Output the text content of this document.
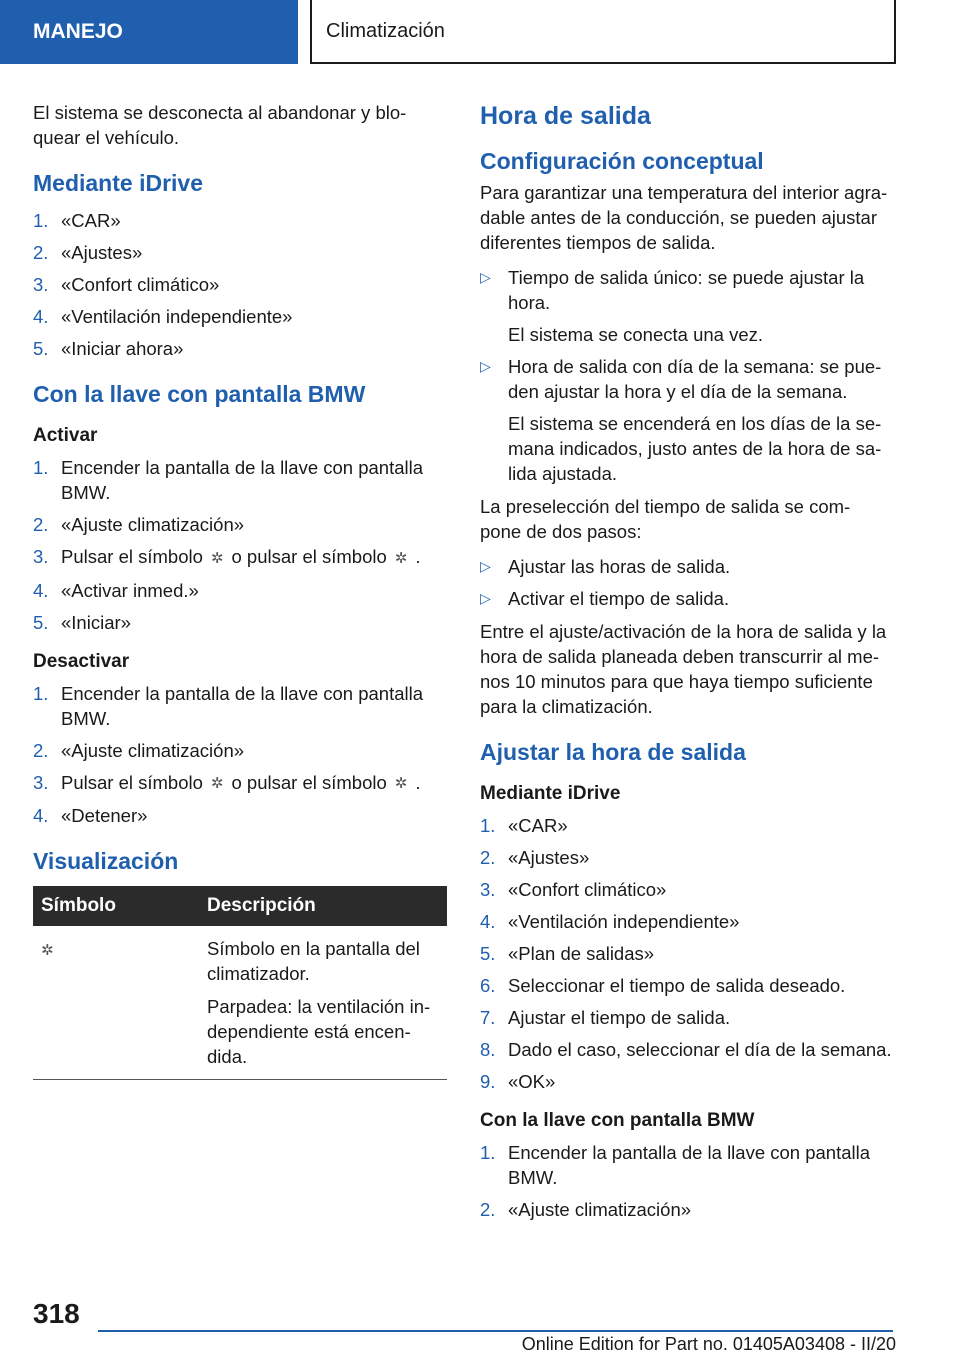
MANEJO	Climatización

El sistema se desconecta al abandonar y blo- quear el vehículo.

Mediante iDrive
1. «CAR»
2. «Ajustes»
3. «Confort climático»
4. «Ventilación independiente»
5. «Iniciar ahora»
Con la llave con pantalla BMW
Activar
1. Encender la pantalla de la llave con pantalla BMW.
2. «Ajuste climatización»
3. Pulsar el símbolo ✲ o pulsar el símbolo ✲ .
4. «Activar inmed.»
5. «Iniciar»
Desactivar
1. Encender la pantalla de la llave con pantalla BMW.
2. «Ajuste climatización»
3. Pulsar el símbolo ✲ o pulsar el símbolo ✲ .
4. «Detener»
Visualización
Símbolo	Descripción
✲	Símbolo en la pantalla del climatizador.
Parpadea: la ventilación in- dependiente está encen- dida.
Hora de salida
Configuración conceptual

Para garantizar una temperatura del interior agra- dable antes de la conducción, se pueden ajustar diferentes tiempos de salida.

▷ Tiempo de salida único: se puede ajustar la hora.
El sistema se conecta una vez.
▷ Hora de salida con día de la semana: se pue- den ajustar la hora y el día de la semana.
El sistema se encenderá en los días de la se- mana indicados, justo antes de la hora de sa- lida ajustada.

La preselección del tiempo de salida se com- pone de dos pasos:

▷ Ajustar las horas de salida.
▷ Activar el tiempo de salida.

Entre el ajuste/activación de la hora de salida y la hora de salida planeada deben transcurrir al me- nos 10 minutos para que haya tiempo suficiente para la climatización.

Ajustar la hora de salida
Mediante iDrive
1. «CAR»
2. «Ajustes»
3. «Confort climático»
4. «Ventilación independiente»
5. «Plan de salidas»
6. Seleccionar el tiempo de salida deseado.
7. Ajustar el tiempo de salida.
8. Dado el caso, seleccionar el día de la semana.
9. «OK»
Con la llave con pantalla BMW
1. Encender la pantalla de la llave con pantalla BMW.
2. «Ajuste climatización»
318
Online Edition for Part no. 01405A03408 - II/20
